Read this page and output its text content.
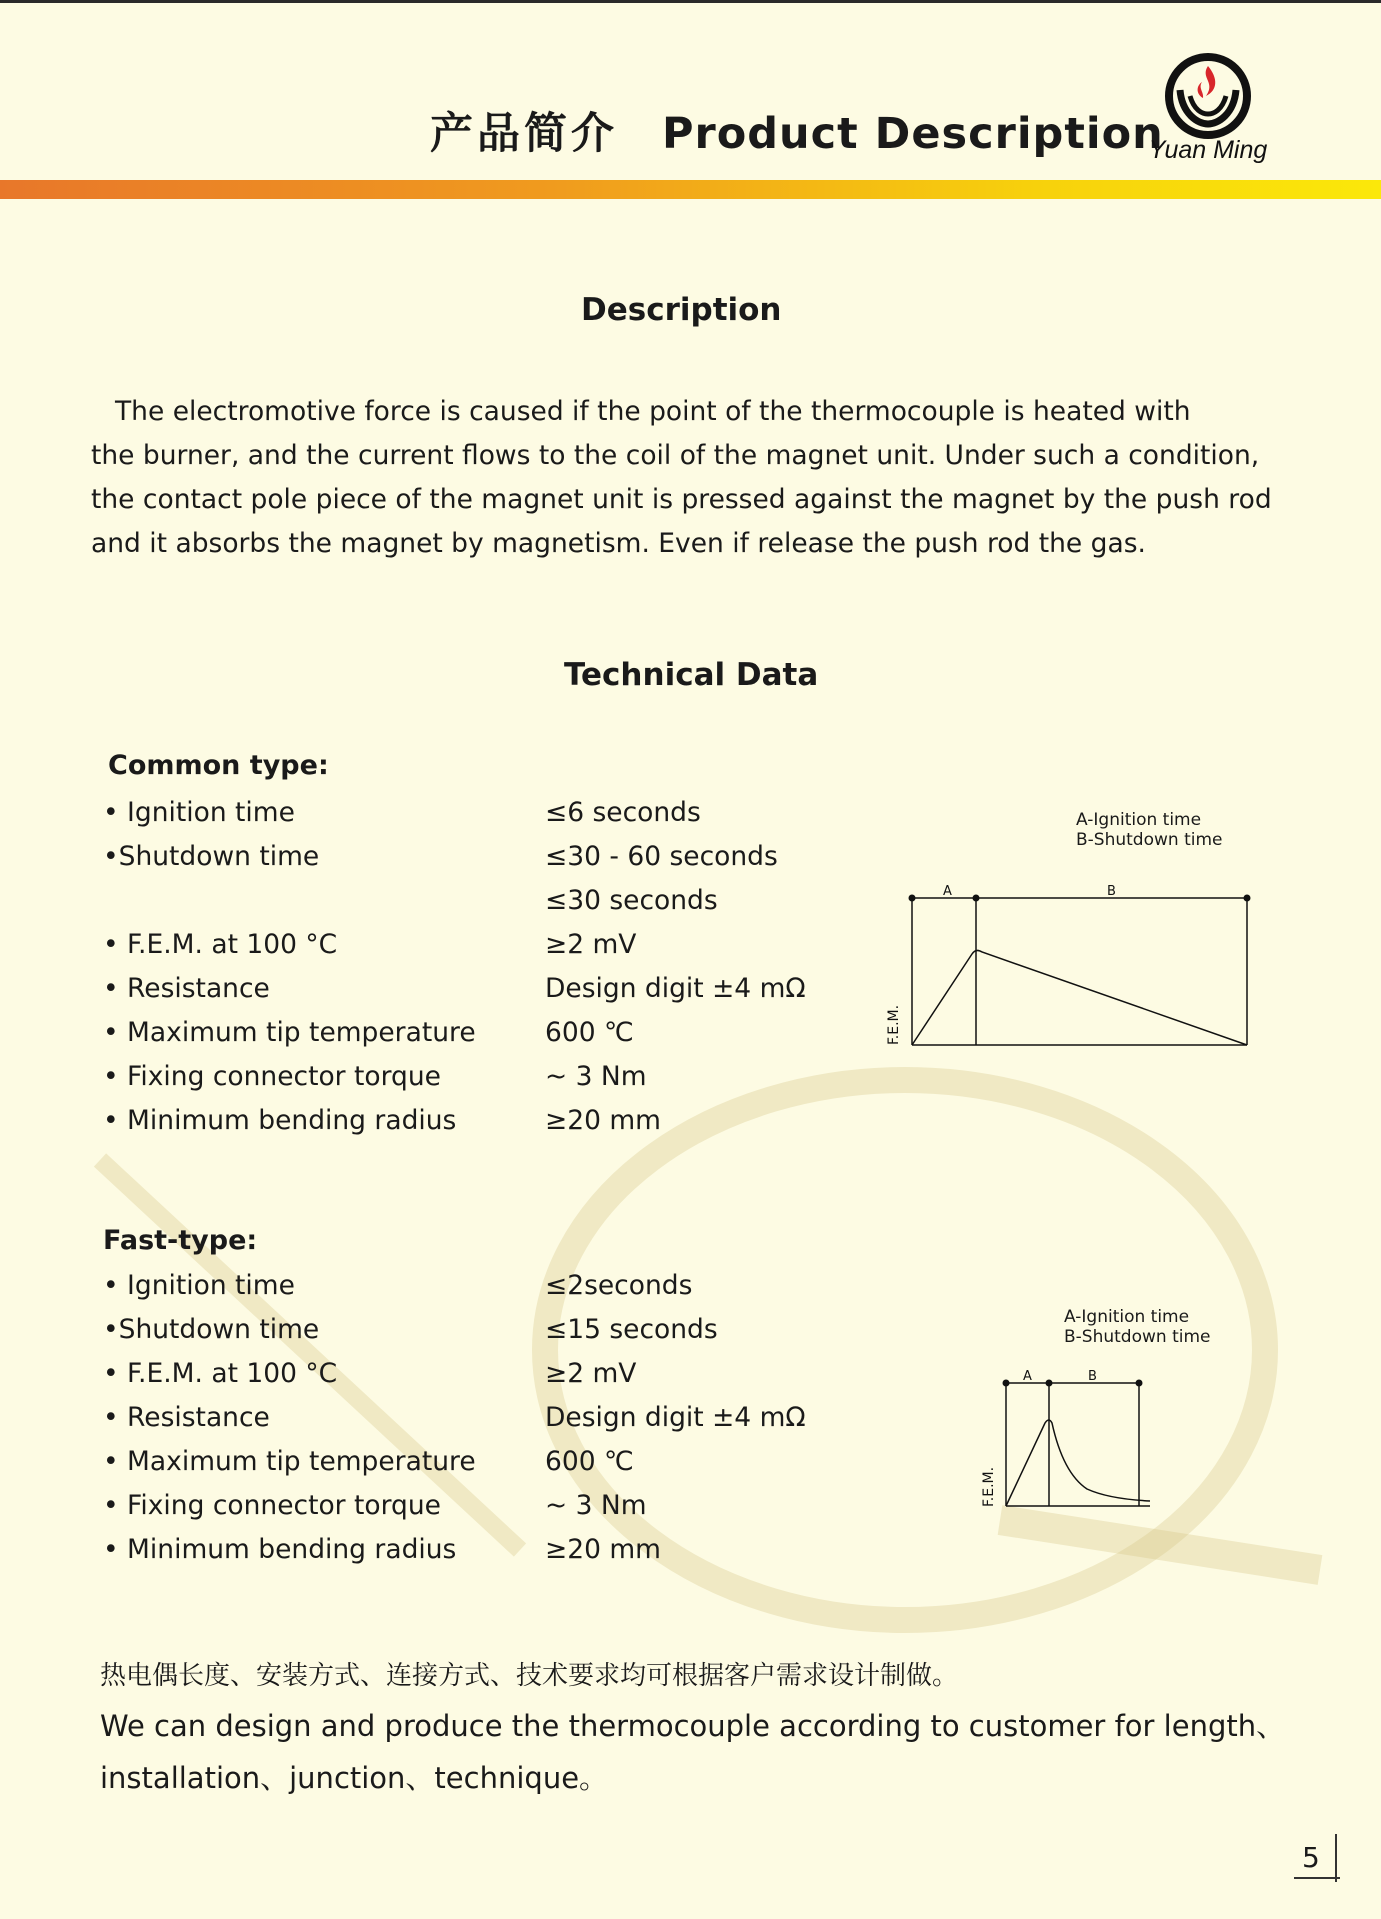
产品简介 Product Description
Yuan Ming
Description
The electromotive force is caused if the point of the thermocouple is heated with
the burner, and the current flows to the coil of the magnet unit. Under such a condition,
the contact pole piece of the magnet unit is pressed against the magnet by the push rod
and it absorbs the magnet by magnetism. Even if release the push rod the gas.
Technical Data
Common type:
• Ignition time
•Shutdown time
• F.E.M. at 100 °C
• Resistance
• Maximum tip temperature
• Fixing connector torque
• Minimum bending radius
≤6 seconds
≤30 - 60 seconds
≤30 seconds
≥2 mV
Design digit ±4 mΩ
600 ℃
~ 3 Nm
≥20 mm
A-Ignition time
B-Shutdown time
A	B
F.E.M.
Fast-type:
• Ignition time
•Shutdown time
• F.E.M. at 100 °C
• Resistance
• Maximum tip temperature
• Fixing connector torque
• Minimum bending radius
≤2seconds
≤15 seconds
≥2 mV
Design digit ±4 mΩ
600 ℃
~ 3 Nm
≥20 mm
A-Ignition time
B-Shutdown time
A	B
F.E.M.
热电偶长度、安装方式、连接方式、技术要求均可根据客户需求设计制做。
We can design and produce the thermocouple according to customer for length、
installation、junction、technique。
5
